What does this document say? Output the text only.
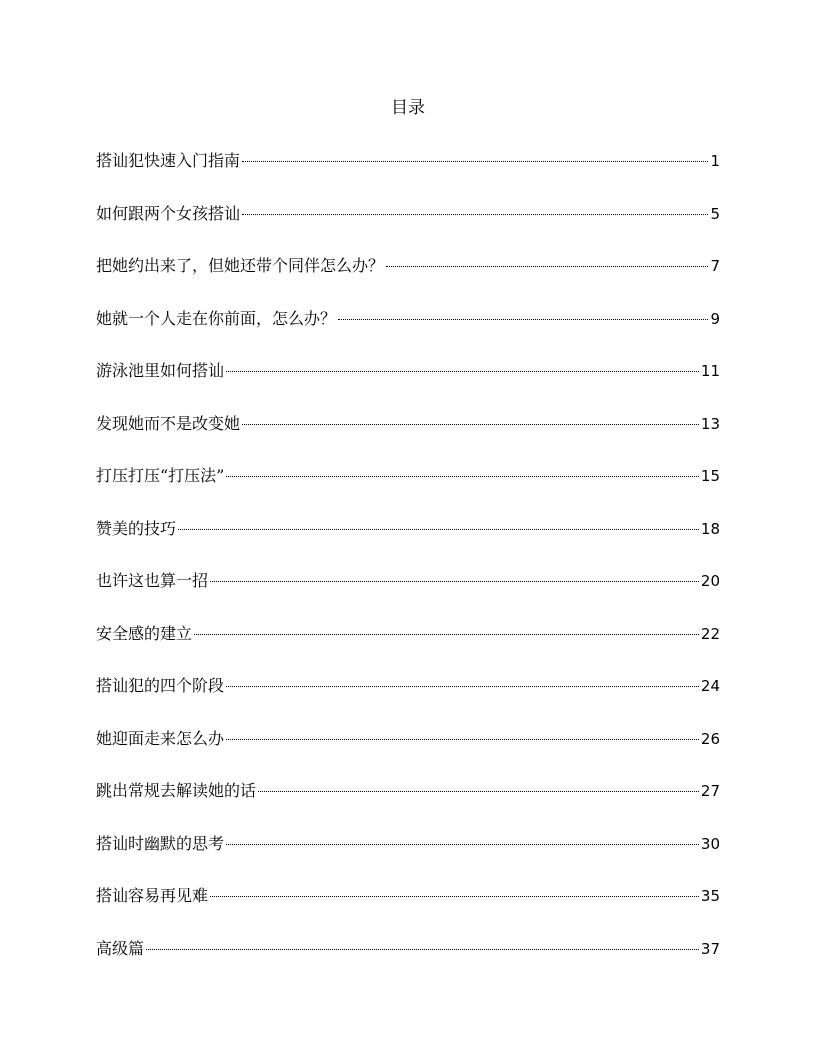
目录
搭讪犯快速入门指南	1
如何跟两个女孩搭讪	5
把她约出来了，但她还带个同伴怎么办？	7
她就一个人走在你前面，怎么办？	9
游泳池里如何搭讪	11
发现她而不是改变她	13
打压打压“打压法”	15
赞美的技巧	18
也许这也算一招	20
安全感的建立	22
搭讪犯的四个阶段	24
她迎面走来怎么办	26
跳出常规去解读她的话	27
搭讪时幽默的思考	30
搭讪容易再见难	35
高级篇	37
